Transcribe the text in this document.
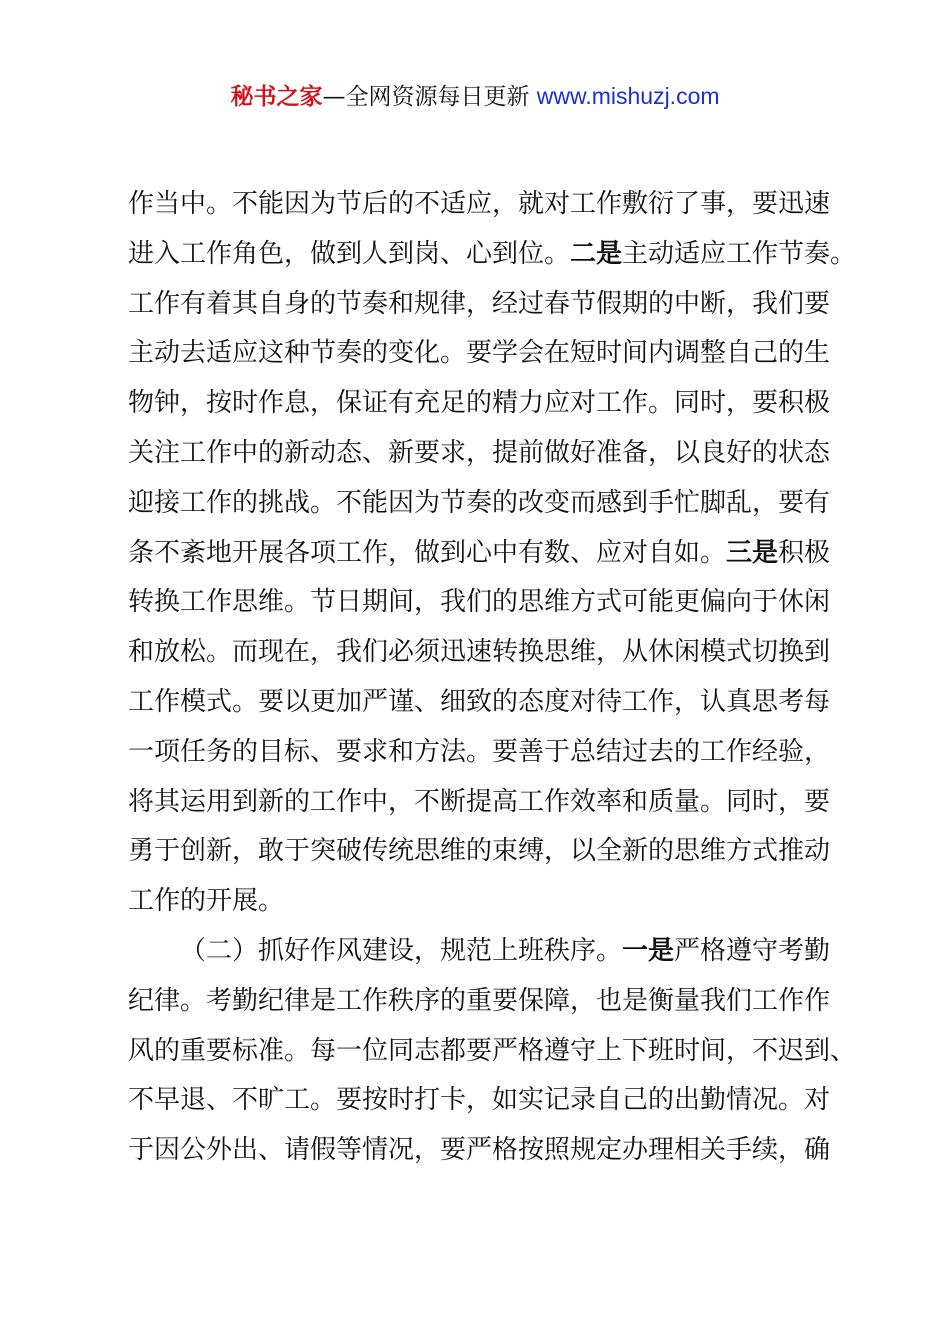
秘书之家—全网资源每日更新 www.mishuzj.com
作当中。不能因为节后的不适应，就对工作敷衍了事，要迅速
进入工作角色，做到人到岗、心到位。二是主动适应工作节奏。
工作有着其自身的节奏和规律，经过春节假期的中断，我们要
主动去适应这种节奏的变化。要学会在短时间内调整自己的生
物钟，按时作息，保证有充足的精力应对工作。同时，要积极
关注工作中的新动态、新要求，提前做好准备，以良好的状态
迎接工作的挑战。不能因为节奏的改变而感到手忙脚乱，要有
条不紊地开展各项工作，做到心中有数、应对自如。三是积极
转换工作思维。节日期间，我们的思维方式可能更偏向于休闲
和放松。而现在，我们必须迅速转换思维，从休闲模式切换到
工作模式。要以更加严谨、细致的态度对待工作，认真思考每
一项任务的目标、要求和方法。要善于总结过去的工作经验，
将其运用到新的工作中，不断提高工作效率和质量。同时，要
勇于创新，敢于突破传统思维的束缚，以全新的思维方式推动
工作的开展。
（二）抓好作风建设，规范上班秩序。一是严格遵守考勤
纪律。考勤纪律是工作秩序的重要保障，也是衡量我们工作作
风的重要标准。每一位同志都要严格遵守上下班时间，不迟到、
不早退、不旷工。要按时打卡，如实记录自己的出勤情况。对
于因公外出、请假等情况，要严格按照规定办理相关手续，确
